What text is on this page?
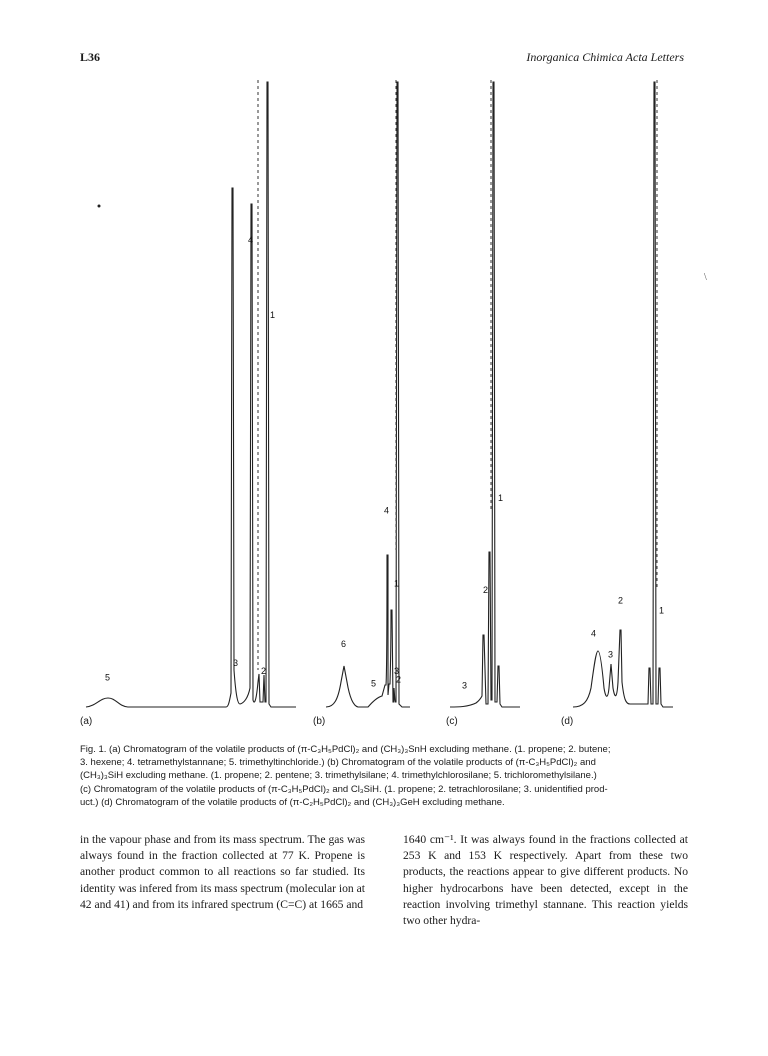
L36	Inorganica Chimica Acta Letters
5
3
4
2
1
6
5
4
3
2
1
3
2
1
4
3
2
1
(a)	(b)	(c)	(d)

Fig. 1. (a) Chromatogram of the volatile products of (π-C₃H₅PdCl)₂ and (CH₃)₃SnH excluding methane. (1. propene; 2. butene;

3. hexene; 4. tetramethylstannane; 5. trimethyltinchloride.) (b) Chromatogram of the volatile products of (π-C₃H₅PdCl)₂ and

(CH₃)₃SiH excluding methane. (1. propene; 2. pentene; 3. trimethylsilane; 4. trimethylchlorosilane; 5. trichloromethylsilane.)

(c) Chromatogram of the volatile products of (π-C₃H₅PdCl)₂ and Cl₃SiH. (1. propene; 2. tetrachlorosilane; 3. unidentified prod-

uct.) (d) Chromatogram of the volatile products of (π-C₂H₅PdCl)₂ and (CH₃)₃GeH excluding methane.

in the vapour phase and from its mass spectrum. The gas was always found in the fraction collected at 77 K. Propene is another product common to all reactions so far studied. Its identity was infered from its mass spectrum (molecular ion at 42 and 41) and from its infrared spectrum (C=C) at 1665 and

1640 cm⁻¹. It was always found in the fractions collected at 253 K and 153 K respectively. Apart from these two products, the reactions appear to give different products. No higher hydrocarbons have been detected, except in the reaction involving trimethyl stannane. This reaction yields two other hydra-

\
